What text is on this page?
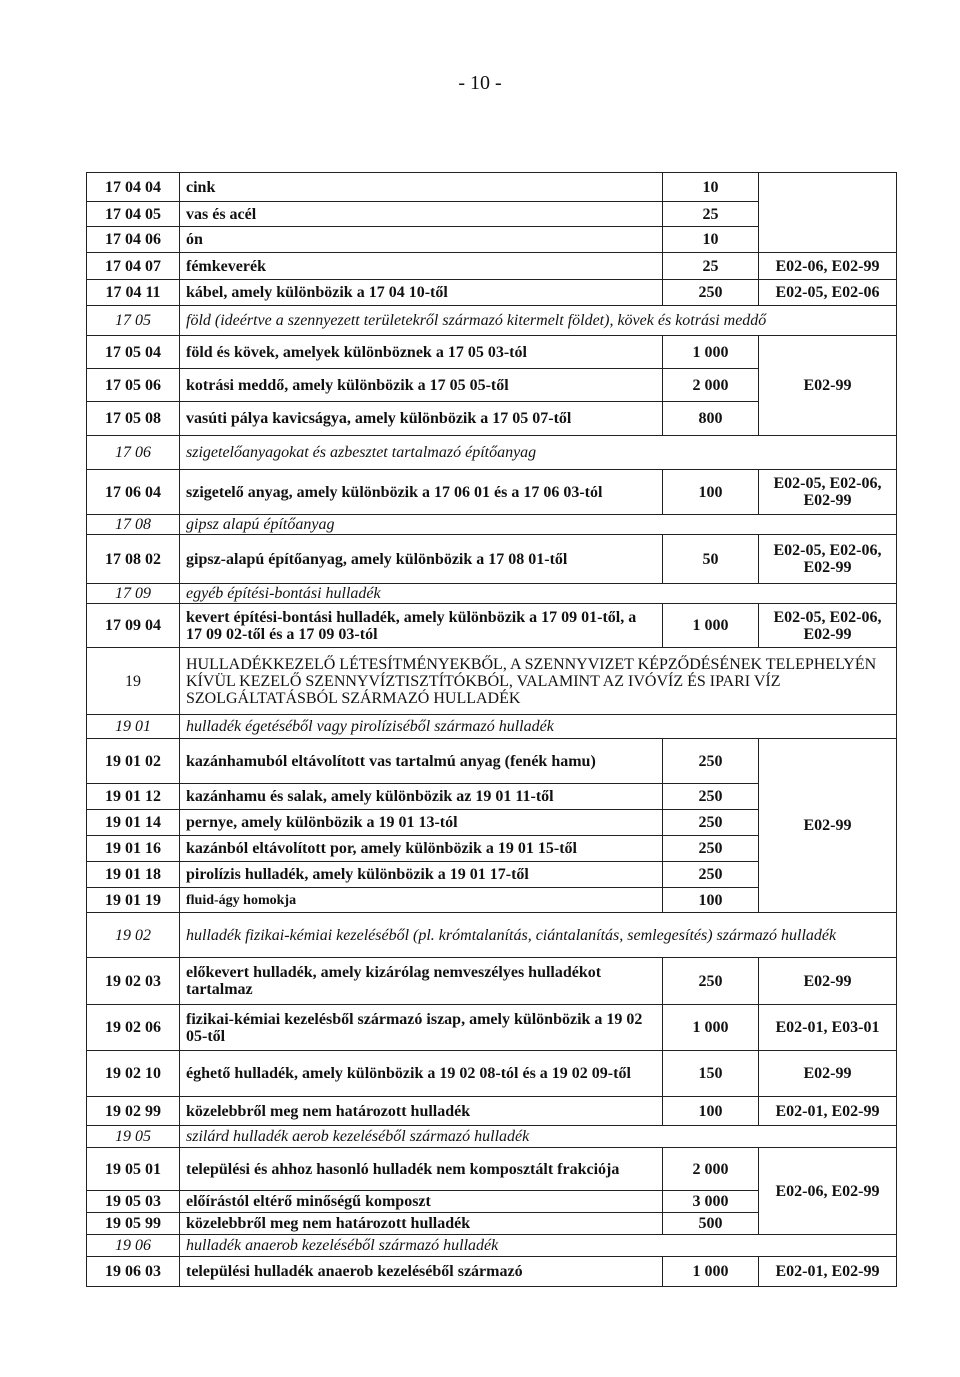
- 10 -
17 04 04	cink	10	
17 04 05	vas és acél	25	
17 04 06	ón	10	
17 04 07	fémkeverék	25	E02-06, E02-99
17 04 11	kábel, amely különbözik a 17 04 10-től	250	E02-05, E02-06
17 05	föld (ideértve a szennyezett területekről származó kitermelt földet), kövek és kotrási meddő		
17 05 04	föld és kövek, amelyek különböznek a 17 05 03-tól	1 000	E02-99
17 05 06	kotrási meddő, amely különbözik a 17 05 05-től	2 000	
17 05 08	vasúti pálya kavicságya, amely különbözik a 17 05 07-től	800	
17 06	szigetelőanyagokat és azbesztet tartalmazó építőanyag		
17 06 04	szigetelő anyag, amely különbözik a 17 06 01 és a 17 06 03-tól	100	E02-05, E02-06, E02-99
17 08	gipsz alapú építőanyag		
17 08 02	gipsz-alapú építőanyag, amely különbözik a 17 08 01-től	50	E02-05, E02-06, E02-99
17 09	egyéb építési-bontási hulladék		
17 09 04	kevert építési-bontási hulladék, amely különbözik a 17 09 01-től, a 17 09 02-től és a 17 09 03-tól	1 000	E02-05, E02-06, E02-99
19	HULLADÉKKEZELŐ LÉTESÍTMÉNYEKBŐL, A SZENNYVIZET KÉPZŐDÉSÉNEK TELEPHELYÉN KÍVÜL KEZELŐ SZENNYVÍZTISZTÍTÓKBÓL, VALAMINT AZ IVÓVÍZ ÉS IPARI VÍZ SZOLGÁLTATÁSBÓL SZÁRMAZÓ HULLADÉK		
19 01	hulladék égetéséből vagy pirolíziséből származó hulladék		
19 01 02	kazánhamuból eltávolított vas tartalmú anyag (fenék hamu)	250	E02-99
19 01 12	kazánhamu és salak, amely különbözik az 19 01 11-től	250	
19 01 14	pernye, amely különbözik a 19 01 13-tól	250	
19 01 16	kazánból eltávolított por, amely különbözik a 19 01 15-től	250	
19 01 18	pirolízis hulladék, amely különbözik a 19 01 17-től	250	
19 01 19	fluid-ágy homokja	100	
19 02	hulladék fizikai-kémiai kezeléséből (pl. krómtalanítás, ciántalanítás, semlegesítés) származó hulladék		
19 02 03	előkevert hulladék, amely kizárólag nemveszélyes hulladékot tartalmaz	250	E02-99
19 02 06	fizikai-kémiai kezelésből származó iszap, amely különbözik a 19 02 05-től	1 000	E02-01, E03-01
19 02 10	éghető hulladék, amely különbözik a 19 02 08-tól és a 19 02 09-től	150	E02-99
19 02 99	közelebbről meg nem határozott hulladék	100	E02-01, E02-99
19 05	szilárd hulladék aerob kezeléséből származó hulladék		
19 05 01	települési és ahhoz hasonló hulladék nem komposztált frakciója	2 000	E02-06, E02-99
19 05 03	előírástól eltérő minőségű komposzt	3 000	
19 05 99	közelebbről meg nem határozott hulladék	500	
19 06	hulladék anaerob kezeléséből származó hulladék		
19 06 03	települési hulladék anaerob kezeléséből származó	1 000	E02-01, E02-99
